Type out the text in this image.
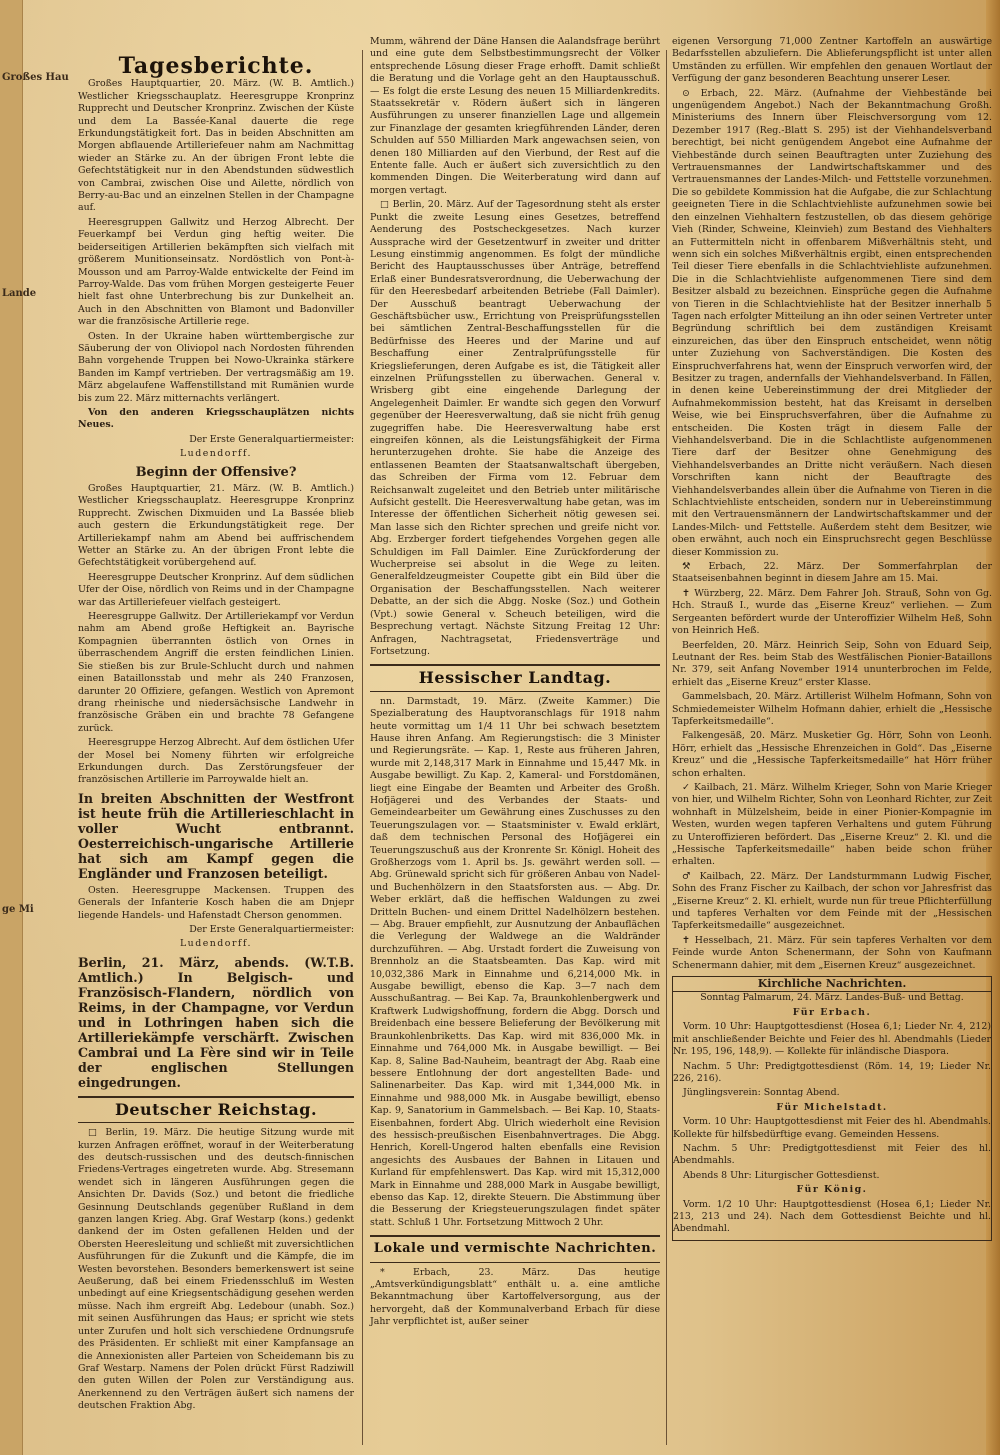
Großes Hau
Lande
ge Mi
Tagesberichte.

Großes Hauptquartier, 20. März. (W. B. Amtlich.) Westlicher Kriegsschauplatz. Heeresgruppe Kronprinz Rupprecht und Deutscher Kronprinz. Zwischen der Küste und dem La Bassée-Kanal dauerte die rege Erkundungstätigkeit fort. Das in beiden Abschnitten am Morgen abflauende Artilleriefeuer nahm am Nachmittag wieder an Stärke zu. An der übrigen Front lebte die Gefechtstätigkeit nur in den Abendstunden südwestlich von Cambrai, zwischen Oise und Ailette, nördlich von Berry-au-Bac und an einzelnen Stellen in der Champagne auf.

Heeresgruppen Gallwitz und Herzog Albrecht. Der Feuerkampf bei Verdun ging heftig weiter. Die beiderseitigen Artillerien bekämpften sich vielfach mit größerem Munitionseinsatz. Nordöstlich von Pont-à-Mousson und am Parroy-Walde entwickelte der Feind im Parroy-Walde. Das vom frühen Morgen gesteigerte Feuer hielt fast ohne Unterbrechung bis zur Dunkelheit an. Auch in den Abschnitten von Blamont und Badonviller war die französische Artillerie rege.

Osten. In der Ukraine haben württembergische zur Säuberung der von Oliviopol nach Nordosten führenden Bahn vorgehende Truppen bei Nowo-Ukrainka stärkere Banden im Kampf vertrieben. Der vertragsmäßig am 19. März abgelaufene Waffenstillstand mit Rumänien wurde bis zum 22. März mitternachts verlängert.

Von den anderen Kriegsschauplätzen nichts Neues.

Der Erste Generalquartiermeister:

Ludendorff.

Beginn der Offensive?

Großes Hauptquartier, 21. März. (W. B. Amtlich.) Westlicher Kriegsschauplatz. Heeresgruppe Kronprinz Rupprecht. Zwischen Dixmuiden und La Bassée blieb auch gestern die Erkundungstätigkeit rege. Der Artilleriekampf nahm am Abend bei auffrischendem Wetter an Stärke zu. An der übrigen Front lebte die Gefechtstätigkeit vorübergehend auf.

Heeresgruppe Deutscher Kronprinz. Auf dem südlichen Ufer der Oise, nördlich von Reims und in der Champagne war das Artilleriefeuer vielfach gesteigert.

Heeresgruppe Gallwitz. Der Artilleriekampf vor Verdun nahm am Abend große Heftigkeit an. Bayrische Kompagnien überrannten östlich von Ornes in überraschendem Angriff die ersten feindlichen Linien. Sie stießen bis zur Brule-Schlucht durch und nahmen einen Bataillonsstab und mehr als 240 Franzosen, darunter 20 Offiziere, gefangen. Westlich von Apremont drang rheinische und niedersächsische Landwehr in französische Gräben ein und brachte 78 Gefangene zurück.

Heeresgruppe Herzog Albrecht. Auf dem östlichen Ufer der Mosel bei Nomeny führten wir erfolgreiche Erkundungen durch. Das Zerstörungsfeuer der französischen Artillerie im Parroywalde hielt an.

In breiten Abschnitten der Westfront ist heute früh die Artillerieschlacht in voller Wucht entbrannt. Oesterreichisch-ungarische Artillerie hat sich am Kampf gegen die Engländer und Franzosen beteiligt.

Osten. Heeresgruppe Mackensen. Truppen des Generals der Infanterie Kosch haben die am Dnjepr liegende Handels- und Hafenstadt Cherson genommen.

Der Erste Generalquartiermeister:

Ludendorff.

Berlin, 21. März, abends. (W.T.B. Amtlich.) In Belgisch- und Französisch-Flandern, nördlich von Reims, in der Champagne, vor Verdun und in Lothringen haben sich die Artilleriekämpfe verschärft. Zwischen Cambrai und La Fère sind wir in Teile der englischen Stellungen eingedrungen.
Deutscher Reichstag.

□ Berlin, 19. März. Die heutige Sitzung wurde mit kurzen Anfragen eröffnet, worauf in der Weiterberatung des deutsch-russischen und des deutsch-finnischen Friedens-Vertrages eingetreten wurde. Abg. Stresemann wendet sich in längeren Ausführungen gegen die Ansichten Dr. Davids (Soz.) und betont die friedliche Gesinnung Deutschlands gegenüber Rußland in dem ganzen langen Krieg. Abg. Graf Westarp (kons.) gedenkt dankend der im Osten gefallenen Helden und der Obersten Heeresleitung und schließt mit zuversichtlichen Ausführungen für die Zukunft und die Kämpfe, die im Westen bevorstehen. Besonders bemerkenswert ist seine Aeußerung, daß bei einem Friedensschluß im Westen unbedingt auf eine Kriegsentschädigung gesehen werden müsse. Nach ihm ergreift Abg. Ledebour (unabh. Soz.) mit seinen Ausführungen das Haus; er spricht wie stets unter Zurufen und holt sich verschiedene Ordnungsrufe des Präsidenten. Er schließt mit einer Kampfansage an die Annexionisten aller Parteien von Scheidemann bis zu Graf Westarp. Namens der Polen drückt Fürst Radziwill den guten Willen der Polen zur Verständigung aus. Anerkennend zu den Verträgen äußert sich namens der deutschen Fraktion Abg.

Mumm, während der Däne Hansen die Aalandsfrage berührt und eine gute dem Selbstbestimmungsrecht der Völker entsprechende Lösung dieser Frage erhofft. Damit schließt die Beratung und die Vorlage geht an den Hauptausschuß. — Es folgt die erste Lesung des neuen 15 Milliardenkredits. Staatssekretär v. Rödern äußert sich in längeren Ausführungen zu unserer finanziellen Lage und allgemein zur Finanzlage der gesamten kriegführenden Länder, deren Schulden auf 550 Milliarden Mark angewachsen seien, von denen 180 Milliarden auf den Vierbund, der Rest auf die Entente falle. Auch er äußert sich zuversichtlich zu den kommenden Dingen. Die Weiterberatung wird dann auf morgen vertagt.

□ Berlin, 20. März. Auf der Tagesordnung steht als erster Punkt die zweite Lesung eines Gesetzes, betreffend Aenderung des Postscheckgesetzes. Nach kurzer Aussprache wird der Gesetzentwurf in zweiter und dritter Lesung einstimmig angenommen. Es folgt der mündliche Bericht des Hauptausschusses über Anträge, betreffend Erlaß einer Bundesratsverordnung, die Ueberwachung der für den Heeresbedarf arbeitenden Betriebe (Fall Daimler). Der Ausschuß beantragt Ueberwachung der Geschäftsbücher usw., Errichtung von Preisprüfungsstellen bei sämtlichen Zentral-Beschaffungsstellen für die Bedürfnisse des Heeres und der Marine und auf Beschaffung einer Zentralprüfungsstelle für Kriegslieferungen, deren Aufgabe es ist, die Tätigkeit aller einzelnen Prüfungsstellen zu überwachen. General v. Wrisberg gibt eine eingehende Darlegung der Angelegenheit Daimler. Er wandte sich gegen den Vorwurf gegenüber der Heeresverwaltung, daß sie nicht früh genug zugegriffen habe. Die Heeresverwaltung habe erst eingreifen können, als die Leistungsfähigkeit der Firma herunterzugehen drohte. Sie habe die Anzeige des entlassenen Beamten der Staatsanwaltschaft übergeben, das Schreiben der Firma vom 12. Februar dem Reichsanwalt zugeleitet und den Betrieb unter militärische Aufsicht gestellt. Die Heeresverwaltung habe getan, was im Interesse der öffentlichen Sicherheit nötig gewesen sei. Man lasse sich den Richter sprechen und greife nicht vor. Abg. Erzberger fordert tiefgehendes Vorgehen gegen alle Schuldigen im Fall Daimler. Eine Zurückforderung der Wucherpreise sei absolut in die Wege zu leiten. Generalfeldzeugmeister Coupette gibt ein Bild über die Organisation der Beschaffungsstellen. Nach weiterer Debatte, an der sich die Abgg. Noske (Soz.) und Gothein (Vpt.) sowie General v. Scheuch beteiligen, wird die Besprechung vertagt. Nächste Sitzung Freitag 12 Uhr: Anfragen, Nachtragsetat, Friedensverträge und Fortsetzung.

Hessischer Landtag.

nn. Darmstadt, 19. März. (Zweite Kammer.) Die Spezialberatung des Hauptvoranschlags für 1918 nahm heute vormittag um 1/4 11 Uhr bei schwach besetztem Hause ihren Anfang. Am Regierungstisch: die 3 Minister und Regierungsräte. — Kap. 1, Reste aus früheren Jahren, wurde mit 2,148,317 Mark in Einnahme und 15,447 Mk. in Ausgabe bewilligt. Zu Kap. 2, Kameral- und Forstdomänen, liegt eine Eingabe der Beamten und Arbeiter des Großh. Hofjägerei und des Verbandes der Staats- und Gemeindearbeiter um Gewährung eines Zuschusses zu den Teuerungszulagen vor. — Staatsminister v. Ewald erklärt, daß dem technischen Personal des Hofjägerei ein Teuerungszuschuß aus der Kronrente Sr. Königl. Hoheit des Großherzogs vom 1. April bs. Js. gewährt werden soll. — Abg. Grünewald spricht sich für größeren Anbau von Nadel- und Buchenhölzern in den Staatsforsten aus. — Abg. Dr. Weber erklärt, daß die heffischen Waldungen zu zwei Dritteln Buchen- und einem Drittel Nadelhölzern bestehen. — Abg. Brauer empfiehlt, zur Ausnutzung der Anbauflächen die Verlegung der Waldwege an die Waldränder durchzuführen. — Abg. Urstadt fordert die Zuweisung von Brennholz an die Staatsbeamten. Das Kap. wird mit 10,032,386 Mark in Einnahme und 6,214,000 Mk. in Ausgabe bewilligt, ebenso die Kap. 3—7 nach dem Ausschußantrag. — Bei Kap. 7a, Braunkohlenbergwerk und Kraftwerk Ludwigshoffnung, fordern die Abgg. Dorsch und Breidenbach eine bessere Belieferung der Bevölkerung mit Braunkohlenbriketts. Das Kap. wird mit 836,000 Mk. in Einnahme und 764,000 Mk. in Ausgabe bewilligt. — Bei Kap. 8, Saline Bad-Nauheim, beantragt der Abg. Raab eine bessere Entlohnung der dort angestellten Bade- und Salinenarbeiter. Das Kap. wird mit 1,344,000 Mk. in Einnahme und 988,000 Mk. in Ausgabe bewilligt, ebenso Kap. 9, Sanatorium in Gammelsbach. — Bei Kap. 10, Staats-Eisenbahnen, fordert Abg. Ulrich wiederholt eine Revision des hessisch-preußischen Eisenbahnvertrages. Die Abgg. Henrich, Korell-Ungerod halten ebenfalls eine Revision angesichts des Ausbaues der Bahnen in Litauen und Kurland für empfehlenswert. Das Kap. wird mit 15,312,000 Mark in Einnahme und 288,000 Mark in Ausgabe bewilligt, ebenso das Kap. 12, direkte Steuern. Die Abstimmung über die Besserung der Kriegsteuerungszulagen findet später statt. Schluß 1 Uhr. Fortsetzung Mittwoch 2 Uhr.

Lokale und vermischte Nachrichten.

* Erbach, 23. März. Das heutige „Amtsverkündigungsblatt“ enthält u. a. eine amtliche Bekanntmachung über Kartoffelversorgung, aus der hervorgeht, daß der Kommunalverband Erbach für diese Jahr verpflichtet ist, außer seiner

eigenen Versorgung 71,000 Zentner Kartoffeln an auswärtige Bedarfsstellen abzuliefern. Die Ablieferungspflicht ist unter allen Umständen zu erfüllen. Wir empfehlen den genauen Wortlaut der Verfügung der ganz besonderen Beachtung unserer Leser.

⊙ Erbach, 22. März. (Aufnahme der Viehbestände bei ungenügendem Angebot.) Nach der Bekanntmachung Großh. Ministeriums des Innern über Fleischversorgung vom 12. Dezember 1917 (Reg.-Blatt S. 295) ist der Viehhandelsverband berechtigt, bei nicht genügendem Angebot eine Aufnahme der Viehbestände durch seinen Beauftragten unter Zuziehung des Vertrauensmannes der Landwirtschaftskammer und des Vertrauensmannes der Landes-Milch- und Fettstelle vorzunehmen. Die so gebildete Kommission hat die Aufgabe, die zur Schlachtung geeigneten Tiere in die Schlachtviehliste aufzunehmen sowie bei den einzelnen Viehhaltern festzustellen, ob das diesem gehörige Vieh (Rinder, Schweine, Kleinvieh) zum Bestand des Viehhalters an Futtermitteln nicht in offenbarem Mißverhältnis steht, und wenn sich ein solches Mißverhältnis ergibt, einen entsprechenden Teil dieser Tiere ebenfalls in die Schlachtviehliste aufzunehmen. Die in die Schlachtviehliste aufgenommenen Tiere sind dem Besitzer alsbald zu bezeichnen. Einsprüche gegen die Aufnahme von Tieren in die Schlachtviehliste hat der Besitzer innerhalb 5 Tagen nach erfolgter Mitteilung an ihn oder seinen Vertreter unter Begründung schriftlich bei dem zuständigen Kreisamt einzureichen, das über den Einspruch entscheidet, wenn nötig unter Zuziehung von Sachverständigen. Die Kosten des Einspruchverfahrens hat, wenn der Einspruch verworfen wird, der Besitzer zu tragen, andernfalls der Viehhandelsverband. In Fällen, in denen keine Uebereinstimmung der drei Mitglieder der Aufnahmekommission besteht, hat das Kreisamt in derselben Weise, wie bei Einspruchsverfahren, über die Aufnahme zu entscheiden. Die Kosten trägt in diesem Falle der Viehhandelsverband. Die in die Schlachtliste aufgenommenen Tiere darf der Besitzer ohne Genehmigung des Viehhandelsverbandes an Dritte nicht veräußern. Nach diesen Vorschriften kann nicht der Beauftragte des Viehhandelsverbandes allein über die Aufnahme von Tieren in die Schlachtviehliste entscheiden, sondern nur in Uebereinstimmung mit den Vertrauensmännern der Landwirtschaftskammer und der Landes-Milch- und Fettstelle. Außerdem steht dem Besitzer, wie oben erwähnt, auch noch ein Einspruchsrecht gegen Beschlüsse dieser Kommission zu.

⚒ Erbach, 22. März. Der Sommerfahrplan der Staatseisenbahnen beginnt in diesem Jahre am 15. Mai.

✝ Würzberg, 22. März. Dem Fahrer Joh. Strauß, Sohn von Gg. Hch. Strauß I., wurde das „Eiserne Kreuz“ verliehen. — Zum Sergeanten befördert wurde der Unteroffizier Wilhelm Heß, Sohn von Heinrich Heß.

Beerfelden, 20. März. Heinrich Seip, Sohn von Eduard Seip, Leutnant der Res. beim Stab des Westfälischen Pionier-Bataillons Nr. 379, seit Anfang November 1914 ununterbrochen im Felde, erhielt das „Eiserne Kreuz“ erster Klasse.

Gammelsbach, 20. März. Artillerist Wilhelm Hofmann, Sohn von Schmiedemeister Wilhelm Hofmann dahier, erhielt die „Hessische Tapferkeitsmedaille“.

Falkengesäß, 20. März. Musketier Gg. Hörr, Sohn von Leonh. Hörr, erhielt das „Hessische Ehrenzeichen in Gold“. Das „Eiserne Kreuz“ und die „Hessische Tapferkeitsmedaille“ hat Hörr früher schon erhalten.

✓ Kailbach, 21. März. Wilhelm Krieger, Sohn von Marie Krieger von hier, und Wilhelm Richter, Sohn von Leonhard Richter, zur Zeit wohnhaft in Mülzelsheim, beide in einer Pionier-Kompagnie im Westen, wurden wegen tapferen Verhaltens und gutem Führung zu Unteroffizieren befördert. Das „Eiserne Kreuz“ 2. Kl. und die „Hessische Tapferkeitsmedaille“ haben beide schon früher erhalten.

♂ Kailbach, 22. März. Der Landsturmmann Ludwig Fischer, Sohn des Franz Fischer zu Kailbach, der schon vor Jahresfrist das „Eiserne Kreuz“ 2. Kl. erhielt, wurde nun für treue Pflichterfüllung und tapferes Verhalten vor dem Feinde mit der „Hessischen Tapferkeitsmedaille“ ausgezeichnet.

✝ Hesselbach, 21. März. Für sein tapferes Verhalten vor dem Feinde wurde Anton Schenermann, der Sohn von Kaufmann Schenermann dahier, mit dem „Eisernen Kreuz“ ausgezeichnet.

Kirchliche Nachrichten.

Sonntag Palmarum, 24. März. Landes-Buß- und Bettag.

Für Erbach.

Vorm. 10 Uhr: Hauptgottesdienst (Hosea 6,1; Lieder Nr. 4, 212) mit anschließender Beichte und Feier des hl. Abendmahls (Lieder Nr. 195, 196, 148,9). — Kollekte für inländische Diaspora.

Nachm. 5 Uhr: Predigtgottesdienst (Röm. 14, 19; Lieder Nr. 226, 216).

Jünglingsverein: Sonntag Abend.

Für Michelstadt.

Vorm. 10 Uhr: Hauptgottesdienst mit Feier des hl. Abendmahls. Kollekte für hilfsbedürftige evang. Gemeinden Hessens.

Nachm. 5 Uhr: Predigtgottesdienst mit Feier des hl. Abendmahls.

Abends 8 Uhr: Liturgischer Gottesdienst.

Für König.

Vorm. 1/2 10 Uhr: Hauptgottesdienst (Hosea 6,1; Lieder Nr. 213, 213 und 24). Nach dem Gottesdienst Beichte und hl. Abendmahl.
